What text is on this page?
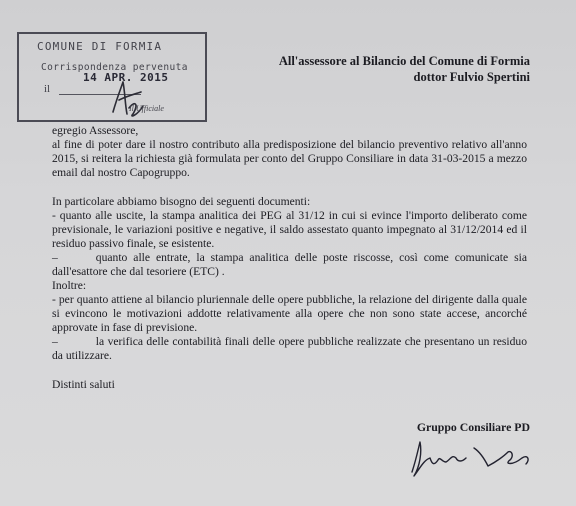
COMUNE DI FORMIA
Corrispondenza pervenuta
14 APR. 2015
il
Il Ufficiale
All'assessore al Bilancio del Comune di Formia
dottor Fulvio Spertini

egregio Assessore,

al fine di poter dare il nostro contributo alla predisposizione del bilancio preventivo relativo all'anno 2015, si reitera la richiesta già formulata per conto del Gruppo Consiliare in data 31-03-2015 a mezzo email dal nostro Capogruppo.

In particolare abbiamo bisogno dei seguenti documenti:

- quanto alle uscite, la stampa analitica dei PEG al 31/12 in cui si evince l'importo deliberato come previsionale, le variazioni positive e negative, il saldo assestato quanto impegnato al 31/12/2014 ed il residuo passivo finale, se esistente.

–	quanto alle entrate, la stampa analitica delle poste riscosse, così come comunicate sia dall'esattore che dal tesoriere (ETC) .

Inoltre:

- per quanto attiene al bilancio pluriennale delle opere pubbliche, la relazione del dirigente dalla quale si evincono le motivazioni addotte relativamente alla opere che non sono state accese, ancorché approvate in fase di previsione.

–	la verifica delle contabilità finali delle opere pubbliche realizzate che presentano un residuo da utilizzare.

Distinti saluti

Gruppo Consiliare PD
